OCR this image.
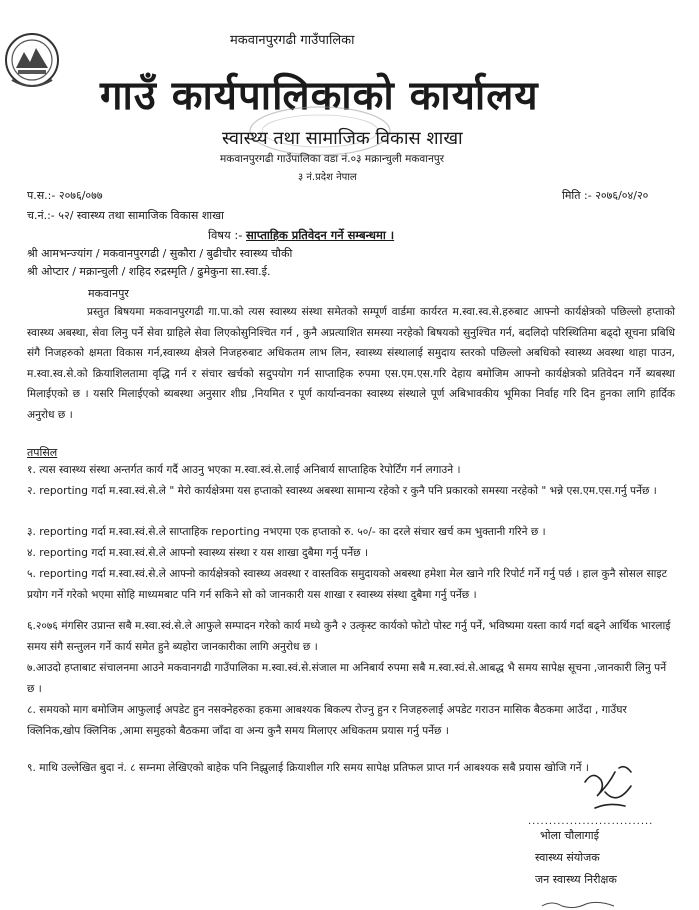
मकवानपुरगढी गाउँपालिका
गाउँ कार्यपालिकाको कार्यालय
स्वास्थ्य तथा सामाजिक विकास शाखा
मकवानपुरगढी गाउँपालिका वडा नं.०३ मक्रान्चुली मकवानपुर
३ नं.प्रदेश नेपाल
प.स.:- २०७६/०७७	मिति :- २०७६/०४/२०
च.नं.:- ५२/ स्वास्थ्य तथा सामाजिक विकास शाखा
विषय :- साप्ताहिक प्रतिवेदन गर्ने सम्बन्धमा ।
श्री आमभन्ज्यांग / मकवानपुरगढी / सुकौरा / बुढीचौर स्वास्थ्य चौकी
श्री ओप्टार / मक्रान्चुली / शहिद रुद्रस्मृति / ढुमेकुना सा.स्वा.ई.
मकवानपुर
प्रस्तुत बिषयमा मकवानपुरगढी गा.पा.को त्यस स्वास्थ्य संस्था समेतको सम्पूर्ण वार्डमा कार्यरत म.स्वा.स्व.से.हरुबाट आफ्नो कार्यक्षेत्रको पछिल्लो हप्ताको स्वास्थ्य अबस्था, सेवा लिनु पर्ने सेवा ग्राहिले सेवा लिएकोसुनिश्चित गर्न , कुनै अप्रत्याशित समस्या नरहेको बिषयको सुनुश्चित गर्न, बदलिदो परिस्थितिमा बढ्दो सूचना प्रबिधि संगै निजहरुको क्षमता विकास गर्न,स्वास्थ्य क्षेत्रले निजहरुबाट अधिकतम लाभ लिन, स्वास्थ्य संस्थालाई समुदाय स्तरको पछिल्लो अबधिको स्वास्थ्य अवस्था थाहा पाउन, म.स्वा.स्व.से.को क्रियाशिलतामा वृद्धि गर्न र संचार खर्चको सदुपयोग गर्न साप्ताहिक रुपमा एस.एम.एस.गरि देहाय बमोजिम आफ्नो कार्यक्षेत्रको प्रतिवेदन गर्ने ब्यबस्था मिलाईएको छ । यसरि मिलाईएको ब्यबस्था अनुसार शीघ्र ,नियमित र पूर्ण कार्यान्वनका स्वास्थ्य संस्थाले पूर्ण अबिभावकीय भूमिका निर्वाह गरि दिन हुनका लागि हार्दिक अनुरोध छ ।
तपसिल
१. त्यस स्वास्थ्य संस्था अन्तर्गत कार्य गर्दै आउनु भएका म.स्वा.स्वं.से.लाई अनिबार्य साप्ताहिक रेपोर्टिंग गर्न लगाउने ।
२. reporting गर्दा म.स्वा.स्वं.से.ले " मेरो कार्यक्षेत्रमा यस हप्ताको स्वास्थ्य अबस्था सामान्य रहेको र कुनै पनि प्रकारको समस्या नरहेको " भन्ने एस.एम.एस.गर्नु पर्नेछ ।
३. reporting गर्दा म.स्वा.स्वं.से.ले साप्ताहिक reporting नभएमा एक हप्ताको रु. ५०/- का दरले संचार खर्च कम भुक्तानी गरिने छ ।
४. reporting गर्दा म.स्वा.स्वं.से.ले आफ्नो स्वास्थ्य संस्था र यस शाखा दुबैमा गर्नु पर्नेछ ।
५. reporting गर्दा म.स्वा.स्वं.से.ले आफ्नो कार्यक्षेत्रको स्वास्थ्य अवस्था र वास्तविक समुदायको अबस्था हमेशा मेल खाने गरि रिपोर्ट गर्ने गर्नु पर्छ । हाल कुनै सोसल साइट प्रयोग गर्ने गरेको भएमा सोहि माध्यमबाट पनि गर्न सकिने सो को जानकारी यस शाखा र स्वास्थ्य संस्था दुबैमा गर्नु पर्नेछ ।
६.२०७६ मंगसिर उप्रान्त सबै म.स्वा.स्वं.से.ले आफुले सम्पादन गरेको कार्य मध्ये कुनै २ उत्कृस्ट कार्यको फोटो पोस्ट गर्नु पर्ने, भविष्यमा यस्ता कार्य गर्दा बढ्ने आर्थिक भारलाई समय संगै सन्तुलन गर्ने कार्य समेत हुने ब्यहोरा जानकारीका लागि अनुरोध छ ।
७.आउदो हप्ताबाट संचालनमा आउने मकवानगढी गाउँपालिका म.स्वा.स्वं.से.संजाल मा अनिबार्य रुपमा सबै म.स्वा.स्वं.से.आबद्ध भै समय सापेक्ष सूचना ,जानकारी लिनु पर्ने छ ।
८. समयको माग बमोजिम आफुलाई अपडेट हुन नसक्नेहरुका हकमा आबश्यक बिकल्प रोज्नु हुन र निजहरुलाई अपडेट गराउन मासिक बैठकमा आउँदा , गाउँघर क्लिनिक,खोप क्लिनिक ,आमा समुहको बैठकमा जाँदा वा अन्य कुनै समय मिलाएर अधिकतम प्रयास गर्नु पर्नेछ ।
९. माथि उल्लेखित बुदा नं. ८ सम्नमा लेखिएको बाहेक पनि निझ्रुलाई क्रियाशील गरि समय सापेक्ष प्रतिफल प्राप्त गर्न आबश्यक सबै प्रयास खोजि गर्ने ।
..............................
भोला चौलागाई
स्वास्थ्य संयोजक
जन स्वास्थ्य निरीक्षक
